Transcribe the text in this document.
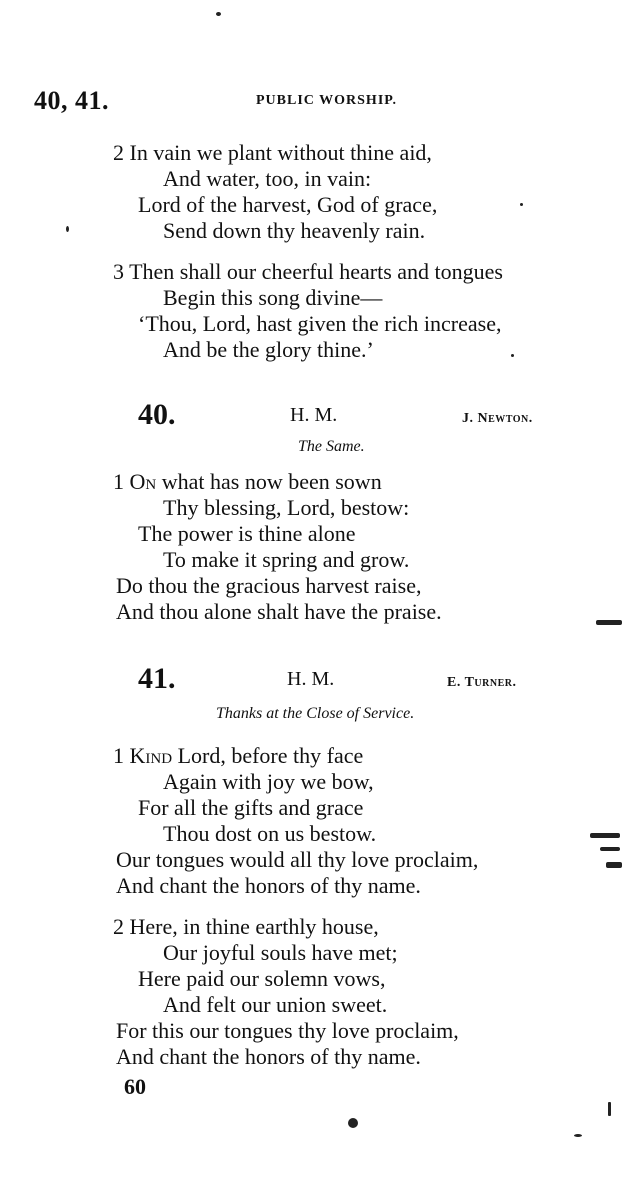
40, 41.	PUBLIC WORSHIP.
2 In vain we plant without thine aid,
And water, too, in vain:
Lord of the harvest, God of grace,
Send down thy heavenly rain.
3 Then shall our cheerful hearts and tongues
Begin this song divine—
‘Thou, Lord, hast given the rich increase,
And be the glory thine.’
40.	H. M.	J. Newton.
The Same.
1 On what has now been sown
Thy blessing, Lord, bestow:
The power is thine alone
To make it spring and grow.
Do thou the gracious harvest raise,
And thou alone shalt have the praise.
41.	H. M.	E. Turner.
Thanks at the Close of Service.
1 Kind Lord, before thy face
Again with joy we bow,
For all the gifts and grace
Thou dost on us bestow.
Our tongues would all thy love proclaim,
And chant the honors of thy name.
2 Here, in thine earthly house,
Our joyful souls have met;
Here paid our solemn vows,
And felt our union sweet.
For this our tongues thy love proclaim,
And chant the honors of thy name.
60
